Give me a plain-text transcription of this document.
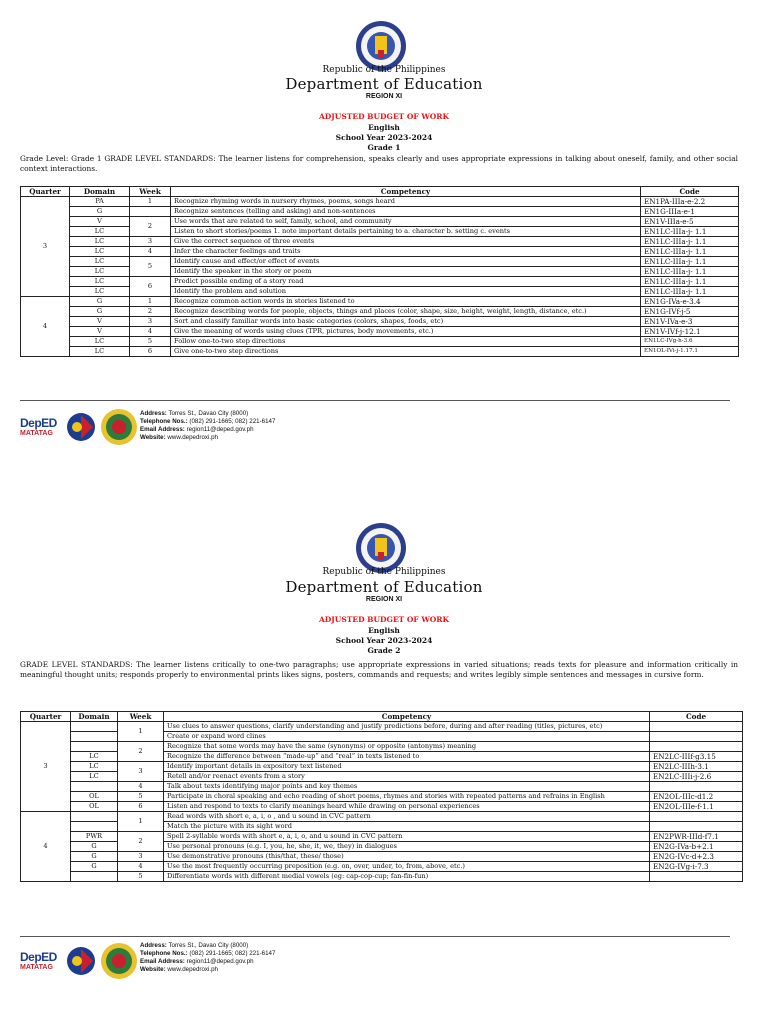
Republic of the Philippines
Department of Education
REGION XI
ADJUSTED BUDGET OF WORK
English
School Year 2023-2024
Grade 1
Grade Level: Grade 1 GRADE LEVEL STANDARDS: The learner listens for comprehension, speaks clearly and uses appropriate expressions in talking about oneself, family, and other social context interactions.
Quarter	Domain	Week	Competency	Code
3	PA	1	Recognize rhyming words in nursery rhymes, poems, songs heard	EN1PA-IIIa-e-2.2
	G		Recognize sentences (telling and asking) and non-sentences	EN1G-IIIa-e-1
	V	2	Use words that are related to self, family, school, and community	EN1V-IIIa-e-5
	LC		Listen to short stories/poems 1. note important details pertaining to a. character b. setting c. events	EN1LC-IIIa-j- 1.1
	LC	3	Give the correct sequence of three events	EN1LC-IIIa-j- 1.1
	LC	4	Infer the character feelings and traits	EN1LC-IIIa-j- 1.1
	LC	5	Identify cause and effect/or effect of events	EN1LC-IIIa-j- 1.1
	LC		Identify the speaker in the story or poem	EN1LC-IIIa-j- 1.1
	LC	6	Predict possible ending of a story read	EN1LC-IIIa-j- 1.1
	LC		Identify the problem and solution	EN1LC-IIIa-j- 1.1
4	G	1	Recognize common action words in stories listened to	EN1G-IVa-e-3.4
	G	2	Recognize describing words for people, objects, things and places (color, shape, size, height, weight, length, distance, etc.)	EN1G-IVf-j-5
	V	3	Sort and classify familiar words into basic categories (colors, shapes, foods, etc)	EN1V-IVa-e-3
	V	4	Give the meaning of words using clues (TPR, pictures, body movements, etc.)	EN1V-IVf-j-12.1
	LC	5	Follow one-to-two step directions	EN1LC-IVg-h-3.6
	LC	6	Give one-to-two step directions	EN1OL-IVi-j-1.17.1
DepED
MATATAG
Address: Torres St., Davao City (8000)
Telephone Nos.: (082) 291-1665; 082) 221-6147
Email Address: region11@deped.gov.ph
Website: www.depedroxi.ph
Republic of the Philippines
Department of Education
REGION XI
ADJUSTED BUDGET OF WORK
English
School Year 2023-2024
Grade 2
GRADE LEVEL STANDARDS: The learner listens critically to one-two paragraphs; use appropriate expressions in varied situations; reads texts for pleasure and information critically in meaningful thought units; responds properly to environmental prints likes signs, posters, commands and requests; and writes legibly simple sentences and messages in cursive form.
Quarter	Domain	Week	Competency	Code
3		1	Use clues to answer questions, clarify understanding and justify predictions before, during and after reading (titles, pictures, etc)	
			Create or expand word clines	
		2	Recognize that some words may have the same (synonyms) or opposite (antonyms) meaning	
	LC		Recognize the difference between “made-up” and “real” in texts listened to	EN2LC-IIIf-g3.15
	LC	3	Identify important details in expository text listened	EN2LC-IIIh-3.1
	LC		Retell and/or reenact events from a story	EN2LC-IIIi-j-2.6
		4	Talk about texts identifying major points and key themes	
	OL	5	Participate in choral speaking and echo reading of short poems, rhymes and stories with repeated patterns and refrains in English	EN2OL-IIIc-d1.2
	OL	6	Listen and respond to texts to clarify meanings heard while drawing on personal experiences	EN2OL-IIIe-f-1.1
4		1	Read words with short e, a, i, o , and u sound in CVC pattern	
			Match the picture with its sight word	
	PWR	2	Spell 2-syllable words with short e, a, i, o, and u sound in CVC pattern	EN2PWR-IIId-f7.1
	G		Use personal pronouns (e.g. I, you, he, she, it, we, they) in dialogues	EN2G-IVa-b+2.1
	G	3	Use demonstrative pronouns (this/that, these/ those)	EN2G-IVc-d+2.3
	G	4	Use the most frequently occurring preposition (e.g. on, over, under, to, from, above, etc.)	EN2G-IVg-i-7.3
		5	Differentiate words with different medial vowels (eg: cap-cop-cup; fan-fin-fun)	
DepED
MATATAG
Address: Torres St., Davao City (8000)
Telephone Nos.: (082) 291-1665; 082) 221-6147
Email Address: region11@deped.gov.ph
Website: www.depedroxi.ph
